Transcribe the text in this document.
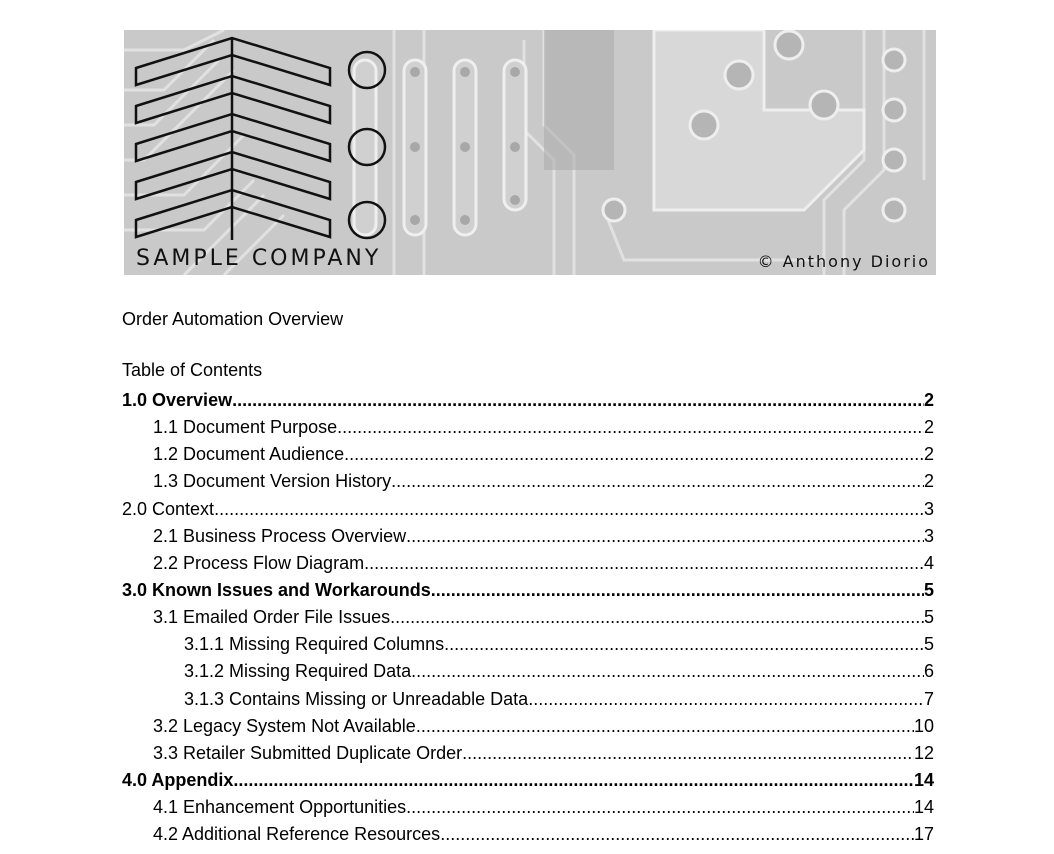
SAMPLE COMPANY	© Anthony Diorio
Order Automation Overview
Table of Contents
1.0 Overview .....	2
1.1 Document Purpose .....	2
1.2 Document Audience .....	2
1.3 Document Version History .....	2
2.0 Context .....	3
2.1 Business Process Overview .....	3
2.2 Process Flow Diagram .....	4
3.0 Known Issues and Workarounds .....	5
3.1 Emailed Order File Issues .....	5
3.1.1 Missing Required Columns .....	5
3.1.2 Missing Required Data .....	6
3.1.3 Contains Missing or Unreadable Data .....	7
3.2 Legacy System Not Available .....	10
3.3 Retailer Submitted Duplicate Order .....	12
4.0 Appendix .....	14
4.1 Enhancement Opportunities .....	14
4.2 Additional Reference Resources .....	17
